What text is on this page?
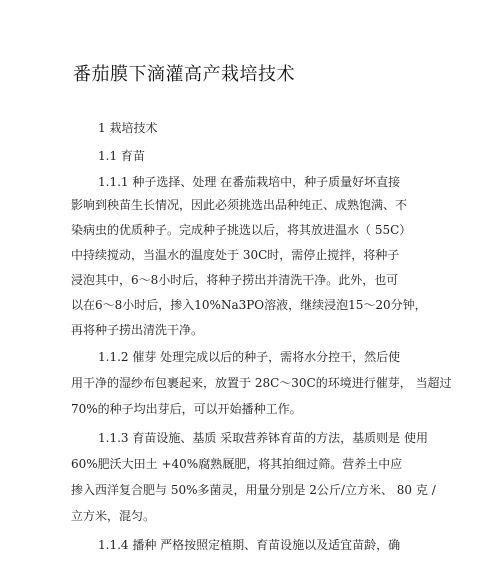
番茄膜下滴灌高产栽培技术
1 栽培技术
1.1 育苗
1.1.1 种子选择、处理 在番茄栽培中，种子质量好坏直接
影响到秧苗生长情况，因此必须挑选出品种纯正、成熟饱满、不
染病虫的优质种子。完成种子挑选以后，将其放进温水（ 55C）
中持续搅动，当温水的温度处于 30C时，需停止搅拌，将种子
浸泡其中，6〜8小时后，将种子捞出并清洗干净。此外，也可
以在6〜8小时后，掺入10%Na3PO溶液，继续浸泡15〜20分钟，
再将种子捞出清洗干净。
1.1.2 催芽 处理完成以后的种子，需将水分控干，然后使
用干净的湿纱布包裹起来，放置于 28C〜30C的环境进行催芽， 当超过
70%的种子均出芽后，可以开始播种工作。
1.1.3 育苗设施、基质 采取营养钵育苗的方法，基质则是 使用
60%肥沃大田土 +40%腐熟厩肥，将其拍细过筛。营养土中应
掺入西洋复合肥与 50%多菌灵，用量分别是 2公斤/立方米、 80 克 /
立方米，混匀。
1.1.4 播种 严格按照定植期、育苗设施以及适宜苗龄，确
